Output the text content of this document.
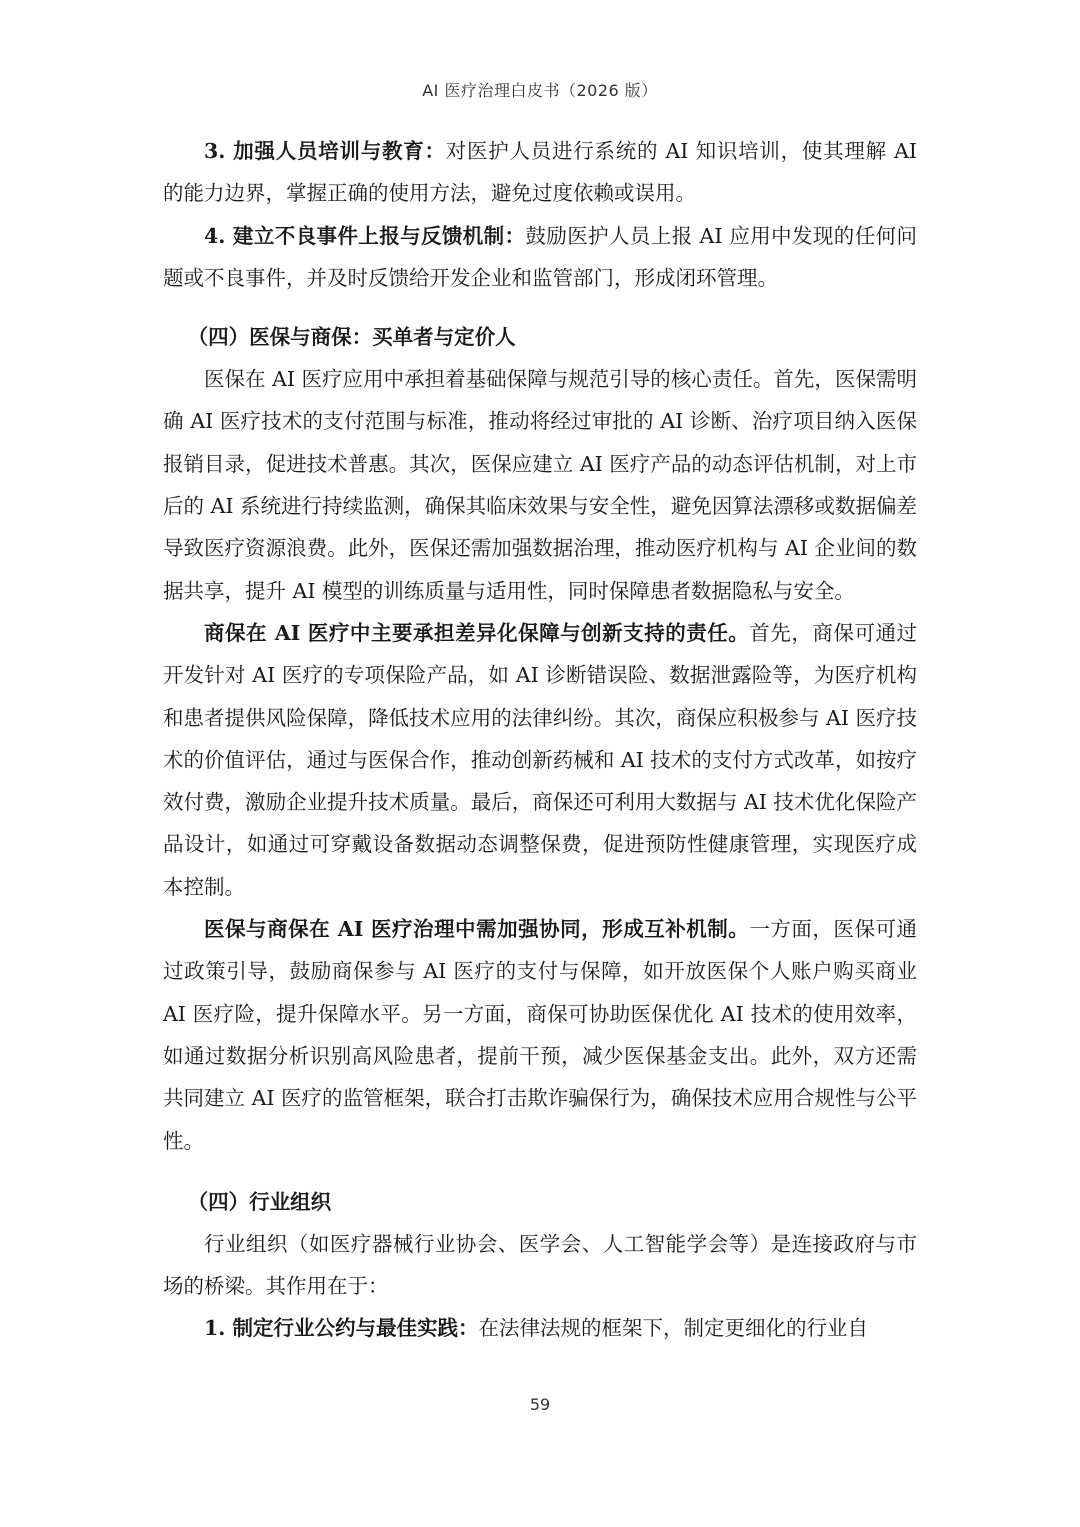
AI 医疗治理白皮书（2026 版）

3. 加强人员培训与教育：对医护人员进行系统的 AI 知识培训，使其理解 AI 的能力边界，掌握正确的使用方法，避免过度依赖或误用。

4. 建立不良事件上报与反馈机制：鼓励医护人员上报 AI 应用中发现的任何问题或不良事件，并及时反馈给开发企业和监管部门，形成闭环管理。

（四）医保与商保：买单者与定价人

医保在 AI 医疗应用中承担着基础保障与规范引导的核心责任。首先，医保需明确 AI 医疗技术的支付范围与标准，推动将经过审批的 AI 诊断、治疗项目纳入医保报销目录，促进技术普惠。其次，医保应建立 AI 医疗产品的动态评估机制，对上市后的 AI 系统进行持续监测，确保其临床效果与安全性，避免因算法漂移或数据偏差导致医疗资源浪费。此外，医保还需加强数据治理，推动医疗机构与 AI 企业间的数据共享，提升 AI 模型的训练质量与适用性，同时保障患者数据隐私与安全。

商保在 AI 医疗中主要承担差异化保障与创新支持的责任。首先，商保可通过开发针对 AI 医疗的专项保险产品，如 AI 诊断错误险、数据泄露险等，为医疗机构和患者提供风险保障，降低技术应用的法律纠纷。其次，商保应积极参与 AI 医疗技术的价值评估，通过与医保合作，推动创新药械和 AI 技术的支付方式改革，如按疗效付费，激励企业提升技术质量。最后，商保还可利用大数据与 AI 技术优化保险产品设计，如通过可穿戴设备数据动态调整保费，促进预防性健康管理，实现医疗成本控制。

医保与商保在 AI 医疗治理中需加强协同，形成互补机制。一方面，医保可通过政策引导，鼓励商保参与 AI 医疗的支付与保障，如开放医保个人账户购买商业 AI 医疗险，提升保障水平。另一方面，商保可协助医保优化 AI 技术的使用效率，如通过数据分析识别高风险患者，提前干预，减少医保基金支出。此外，双方还需共同建立 AI 医疗的监管框架，联合打击欺诈骗保行为，确保技术应用合规性与公平性。

（四）行业组织

行业组织（如医疗器械行业协会、医学会、人工智能学会等）是连接政府与市场的桥梁。其作用在于：

1. 制定行业公约与最佳实践：在法律法规的框架下，制定更细化的行业自

59
